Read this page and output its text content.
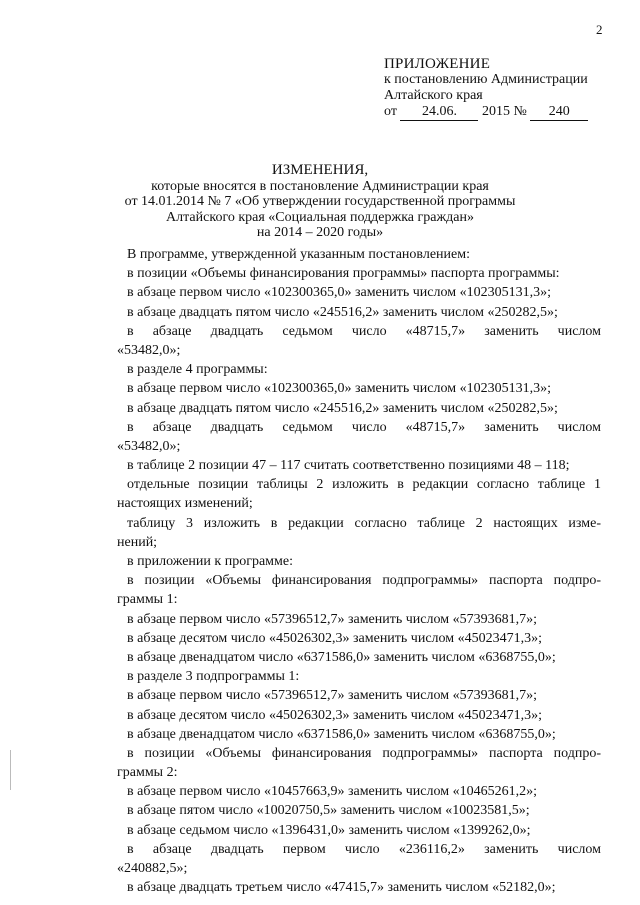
2
ПРИЛОЖЕНИЕ
к постановлению Администрации
Алтайского края
от 24.06. 2015 № 240
ИЗМЕНЕНИЯ,
которые вносятся в постановление Администрации края
от 14.01.2014 № 7 «Об утверждении государственной программы
Алтайского края «Социальная поддержка граждан»
на 2014 – 2020 годы»
В программе, утвержденной указанным постановлением:
в позиции «Объемы финансирования программы» паспорта программы:
в абзаце первом число «102300365,0» заменить числом «102305131,3»;
в абзаце двадцать пятом число «245516,2» заменить числом «250282,5»;
в абзаце двадцать седьмом число «48715,7» заменить числом
«53482,0»;
в разделе 4 программы:
в абзаце первом число «102300365,0» заменить числом «102305131,3»;
в абзаце двадцать пятом число «245516,2» заменить числом «250282,5»;
в абзаце двадцать седьмом число «48715,7» заменить числом
«53482,0»;
в таблице 2 позиции 47 – 117 считать соответственно позициями 48 – 118;
отдельные позиции таблицы 2 изложить в редакции согласно таблице 1
настоящих изменений;
таблицу 3 изложить в редакции согласно таблице 2 настоящих изме-
нений;
в приложении к программе:
в позиции «Объемы финансирования подпрограммы» паспорта подпро-
граммы 1:
в абзаце первом число «57396512,7» заменить числом «57393681,7»;
в абзаце десятом число «45026302,3» заменить числом «45023471,3»;
в абзаце двенадцатом число «6371586,0» заменить числом «6368755,0»;
в разделе 3 подпрограммы 1:
в абзаце первом число «57396512,7» заменить числом «57393681,7»;
в абзаце десятом число «45026302,3» заменить числом «45023471,3»;
в абзаце двенадцатом число «6371586,0» заменить числом «6368755,0»;
в позиции «Объемы финансирования подпрограммы» паспорта подпро-
граммы 2:
в абзаце первом число «10457663,9» заменить числом «10465261,2»;
в абзаце пятом число «10020750,5» заменить числом «10023581,5»;
в абзаце седьмом число «1396431,0» заменить числом «1399262,0»;
в абзаце двадцать первом число «236116,2» заменить числом
«240882,5»;
в абзаце двадцать третьем число «47415,7» заменить числом «52182,0»;
